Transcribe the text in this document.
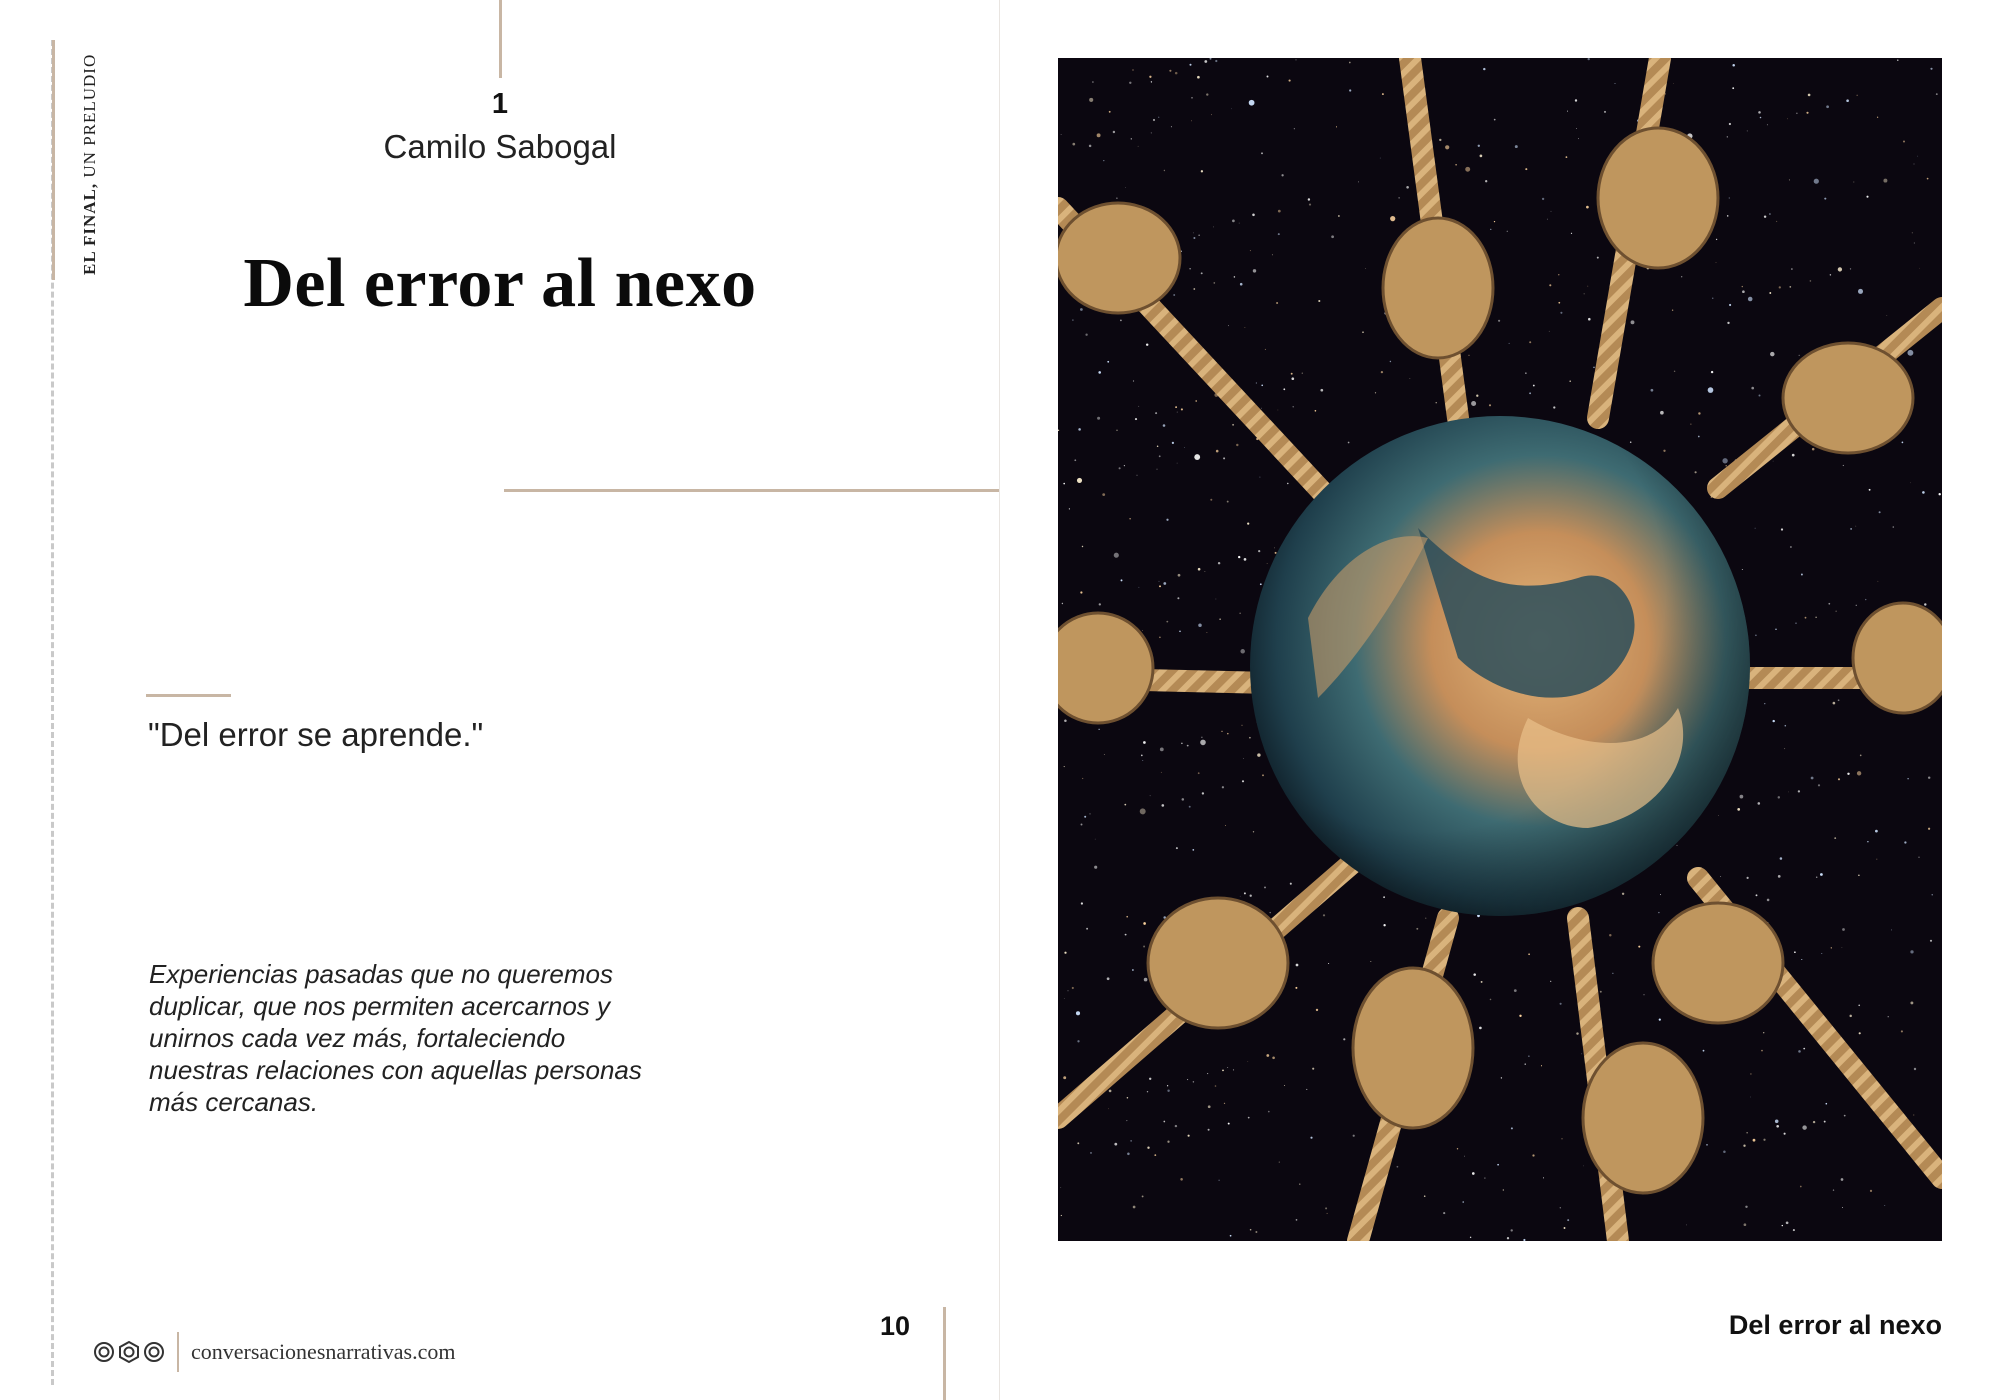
EL FINAL, UN PRELUDIO	1
Camilo Sabogal
Del error al nexo
"Del error se aprende."
Experiencias pasadas que no queremos duplicar, que nos permiten acercarnos y unirnos cada vez más, fortaleciendo nuestras relaciones con aquellas personas más cercanas.
conversacionesnarrativas.com
10	Del error al nexo
